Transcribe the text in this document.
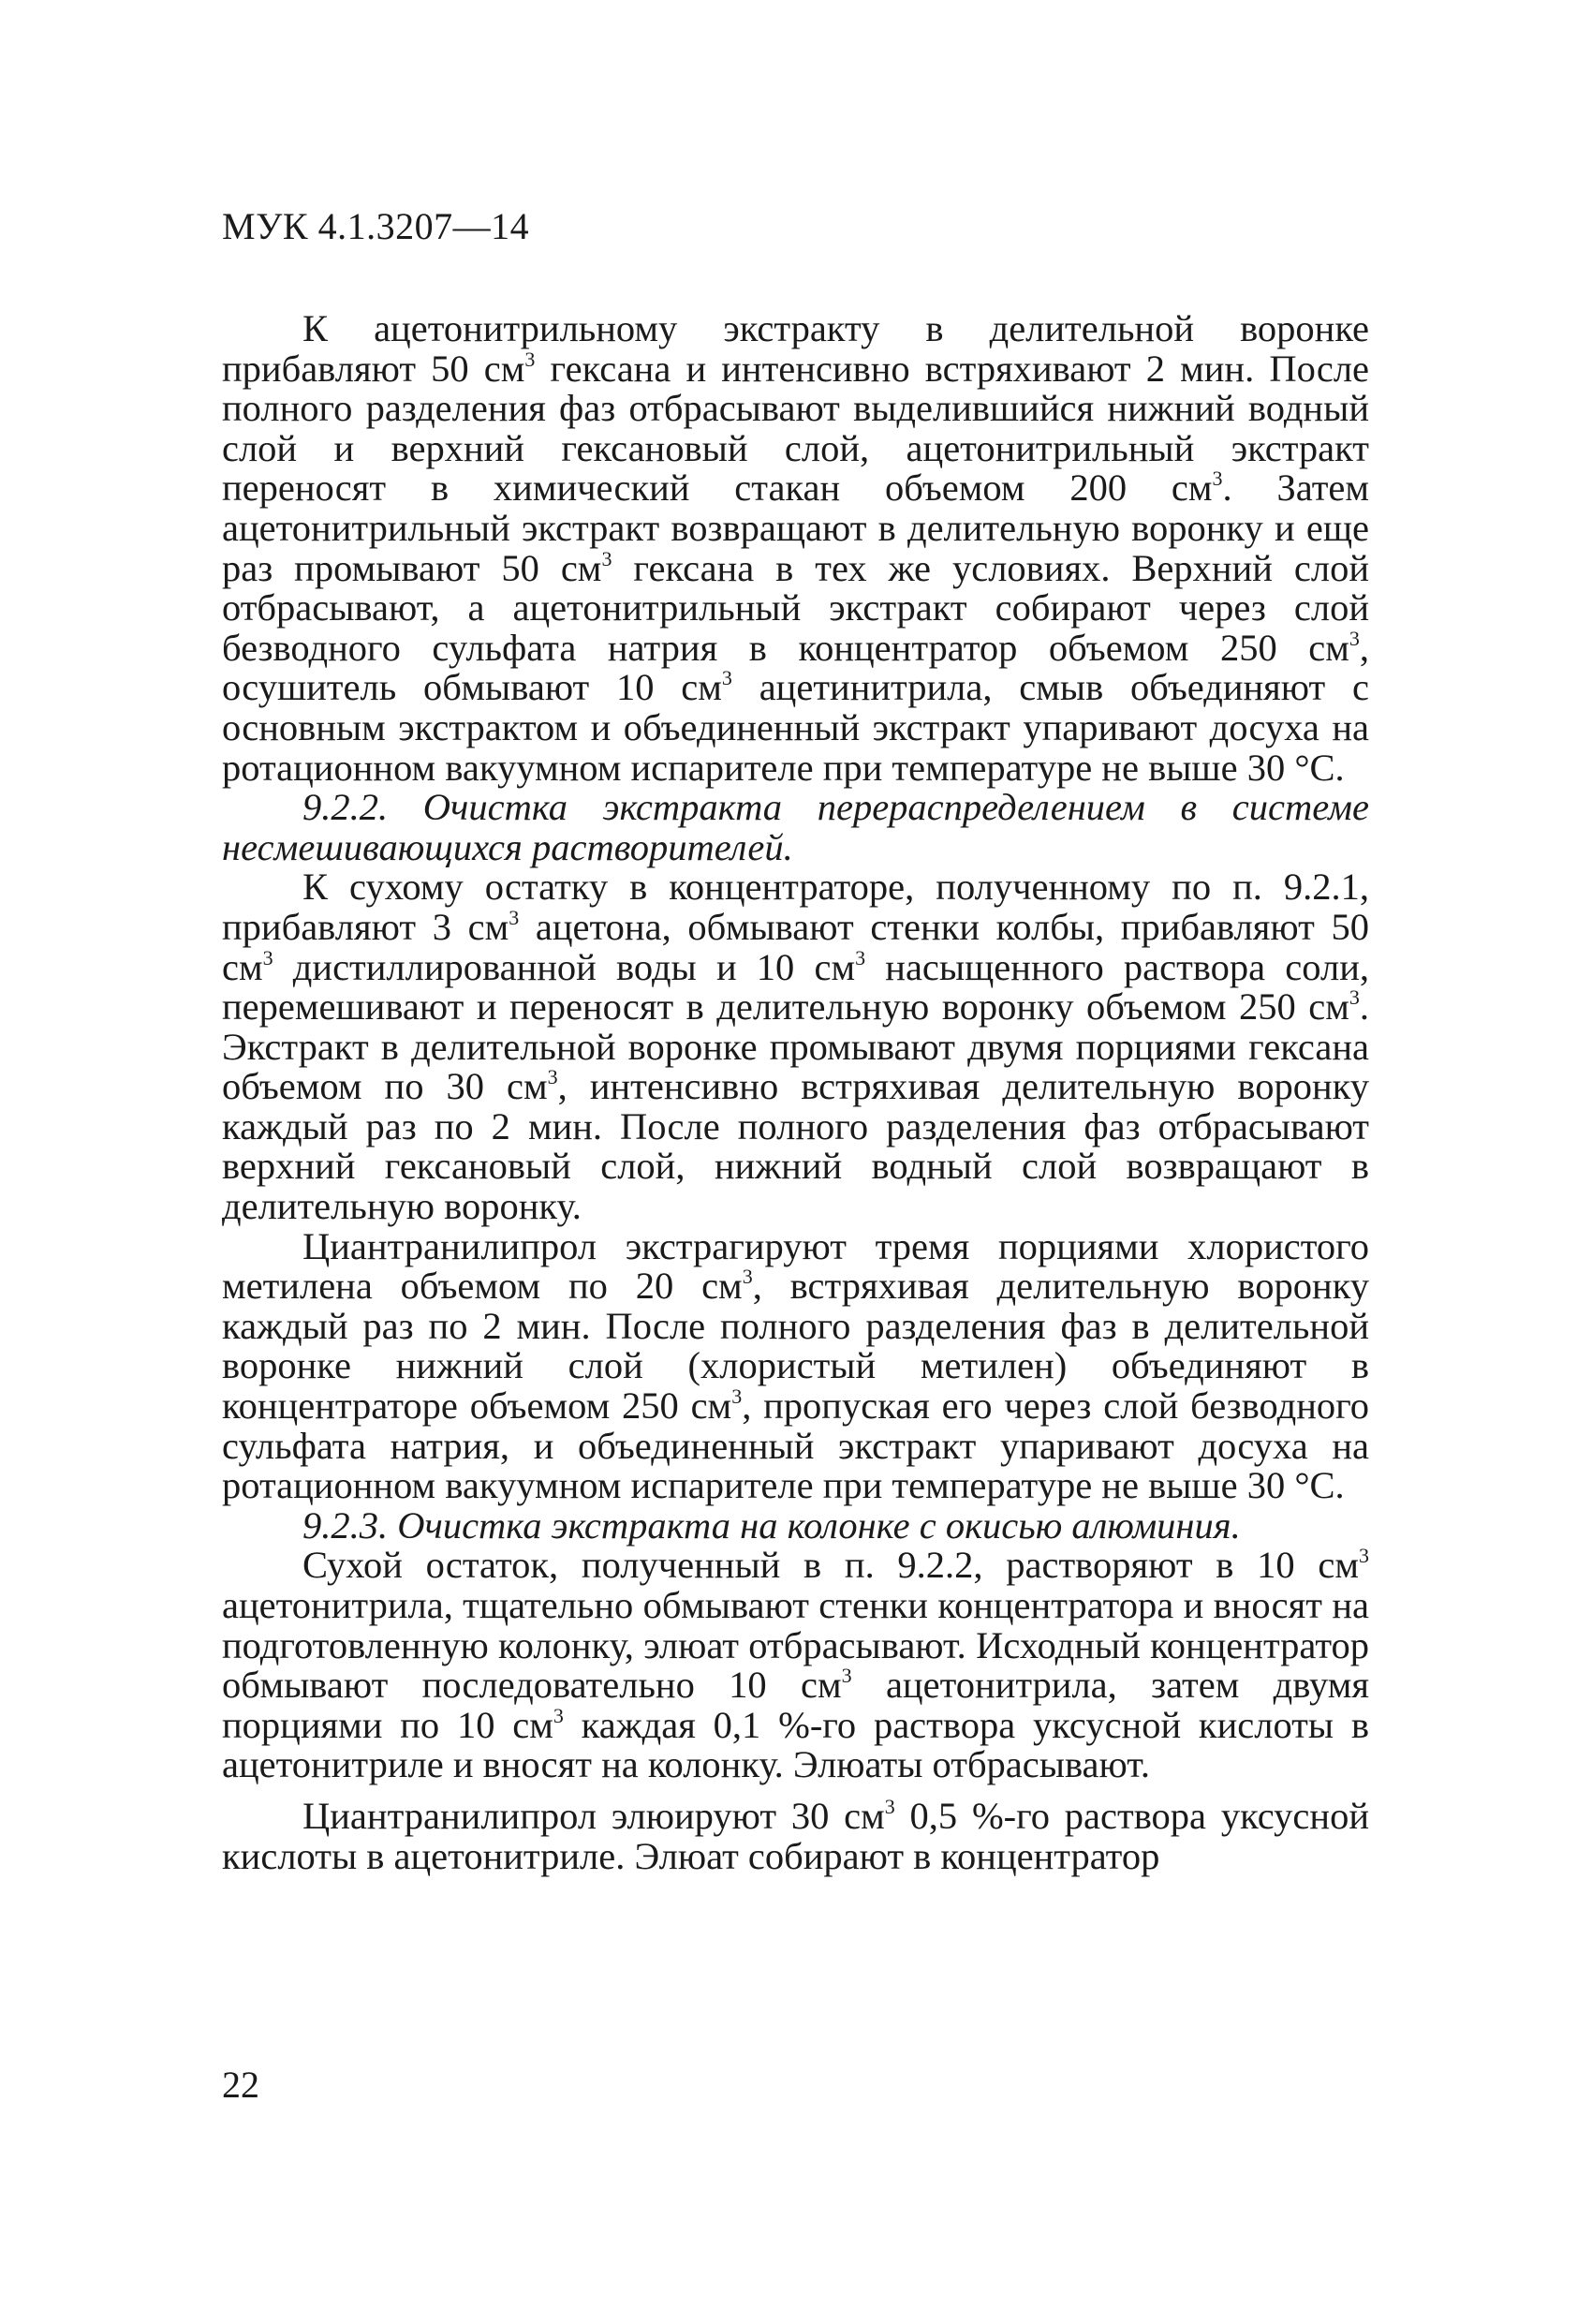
МУК 4.1.3207—14

К ацетонитрильному экстракту в делительной воронке прибавляют 50 $см^3$ гексана и интенсивно встряхивают 2 мин. После полного разделения фаз отбрасывают выделившийся нижний водный слой и верхний гексановый слой, ацетонитрильный экстракт переносят в химический стакан объемом 200 $см^3$. Затем ацетонитрильный экстракт возвращают в делительную воронку и еще раз промывают 50 $см^3$ гексана в тех же условиях. Верхний слой отбрасывают, а ацетонитрильный экстракт собирают через слой безводного сульфата натрия в концентратор объемом 250 $см^3$, осушитель обмывают 10 $см^3$ ацетинитрила, смыв объединяют с основным экстрактом и объединенный экстракт упаривают досуха на ротационном вакуумном испарителе при температуре не выше 30 °С.

9.2.2. Очистка экстракта перераспределением в системе несмешивающихся растворителей.

К сухому остатку в концентраторе, полученному по п. 9.2.1, прибавляют 3 $см^3$ ацетона, обмывают стенки колбы, прибавляют 50 $см^3$ дистиллированной воды и 10 $см^3$ насыщенного раствора соли, перемешивают и переносят в делительную воронку объемом 250 $см^3$. Экстракт в делительной воронке промывают двумя порциями гексана объемом по 30 $см^3$, интенсивно встряхивая делительную воронку каждый раз по 2 мин. После полного разделения фаз отбрасывают верхний гексановый слой, нижний водный слой возвращают в делительную воронку.

Циантранилипрол экстрагируют тремя порциями хлористого метилена объемом по 20 $см^3$, встряхивая делительную воронку каждый раз по 2 мин. После полного разделения фаз в делительной воронке нижний слой (хлористый метилен) объединяют в концентраторе объемом 250 $см^3$, пропуская его через слой безводного сульфата натрия, и объединенный экстракт упаривают досуха на ротационном вакуумном испарителе при температуре не выше 30 °С.

9.2.3. Очистка экстракта на колонке с окисью алюминия.

Сухой остаток, полученный в п. 9.2.2, растворяют в 10 $см^3$ ацетонитрила, тщательно обмывают стенки концентратора и вносят на подготовленную колонку, элюат отбрасывают. Исходный концентратор обмывают последовательно 10 $см^3$ ацетонитрила, затем двумя порциями по 10 $см^3$ каждая 0,1 %-го раствора уксусной кислоты в ацетонитриле и вносят на колонку. Элюаты отбрасывают.

Циантранилипрол элюируют 30 $см^3$ 0,5 %-го раствора уксусной кислоты в ацетонитриле. Элюат собирают в концентратор

22
